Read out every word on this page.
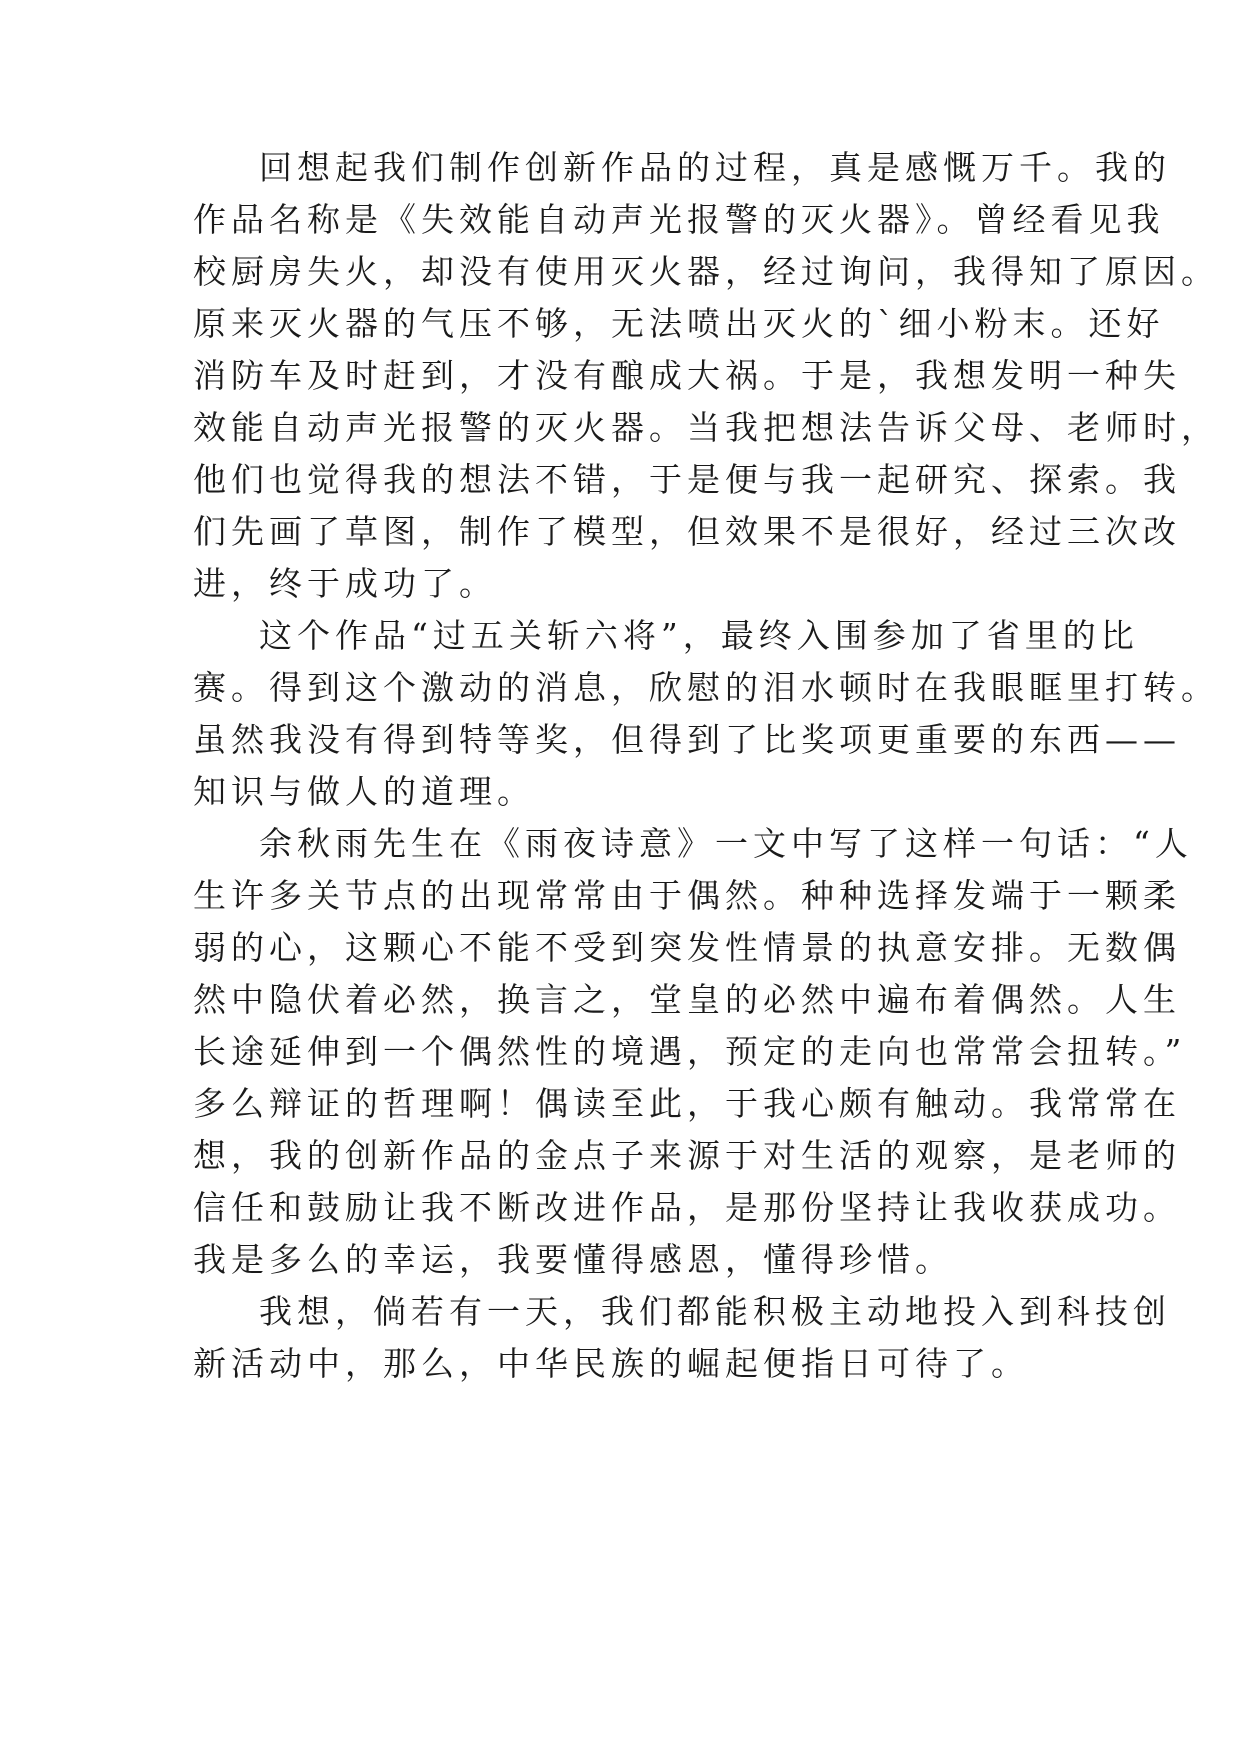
回想起我们制作创新作品的过程，真是感慨万千。我的
作品名称是《失效能自动声光报警的灭火器》。曾经看见我
校厨房失火，却没有使用灭火器，经过询问，我得知了原因。
原来灭火器的气压不够，无法喷出灭火的`细小粉末。还好
消防车及时赶到，才没有酿成大祸。于是，我想发明一种失
效能自动声光报警的灭火器。当我把想法告诉父母、老师时，
他们也觉得我的想法不错，于是便与我一起研究、探索。我
们先画了草图，制作了模型，但效果不是很好，经过三次改
进，终于成功了。
这个作品“过五关斩六将”，最终入围参加了省里的比
赛。得到这个激动的消息，欣慰的泪水顿时在我眼眶里打转。
虽然我没有得到特等奖，但得到了比奖项更重要的东西——
知识与做人的道理。
余秋雨先生在《雨夜诗意》一文中写了这样一句话：“人
生许多关节点的出现常常由于偶然。种种选择发端于一颗柔
弱的心，这颗心不能不受到突发性情景的执意安排。无数偶
然中隐伏着必然，换言之，堂皇的必然中遍布着偶然。人生
长途延伸到一个偶然性的境遇，预定的走向也常常会扭转。”
多么辩证的哲理啊！偶读至此，于我心颇有触动。我常常在
想，我的创新作品的金点子来源于对生活的观察，是老师的
信任和鼓励让我不断改进作品，是那份坚持让我收获成功。
我是多么的幸运，我要懂得感恩，懂得珍惜。
我想，倘若有一天，我们都能积极主动地投入到科技创
新活动中，那么，中华民族的崛起便指日可待了。
